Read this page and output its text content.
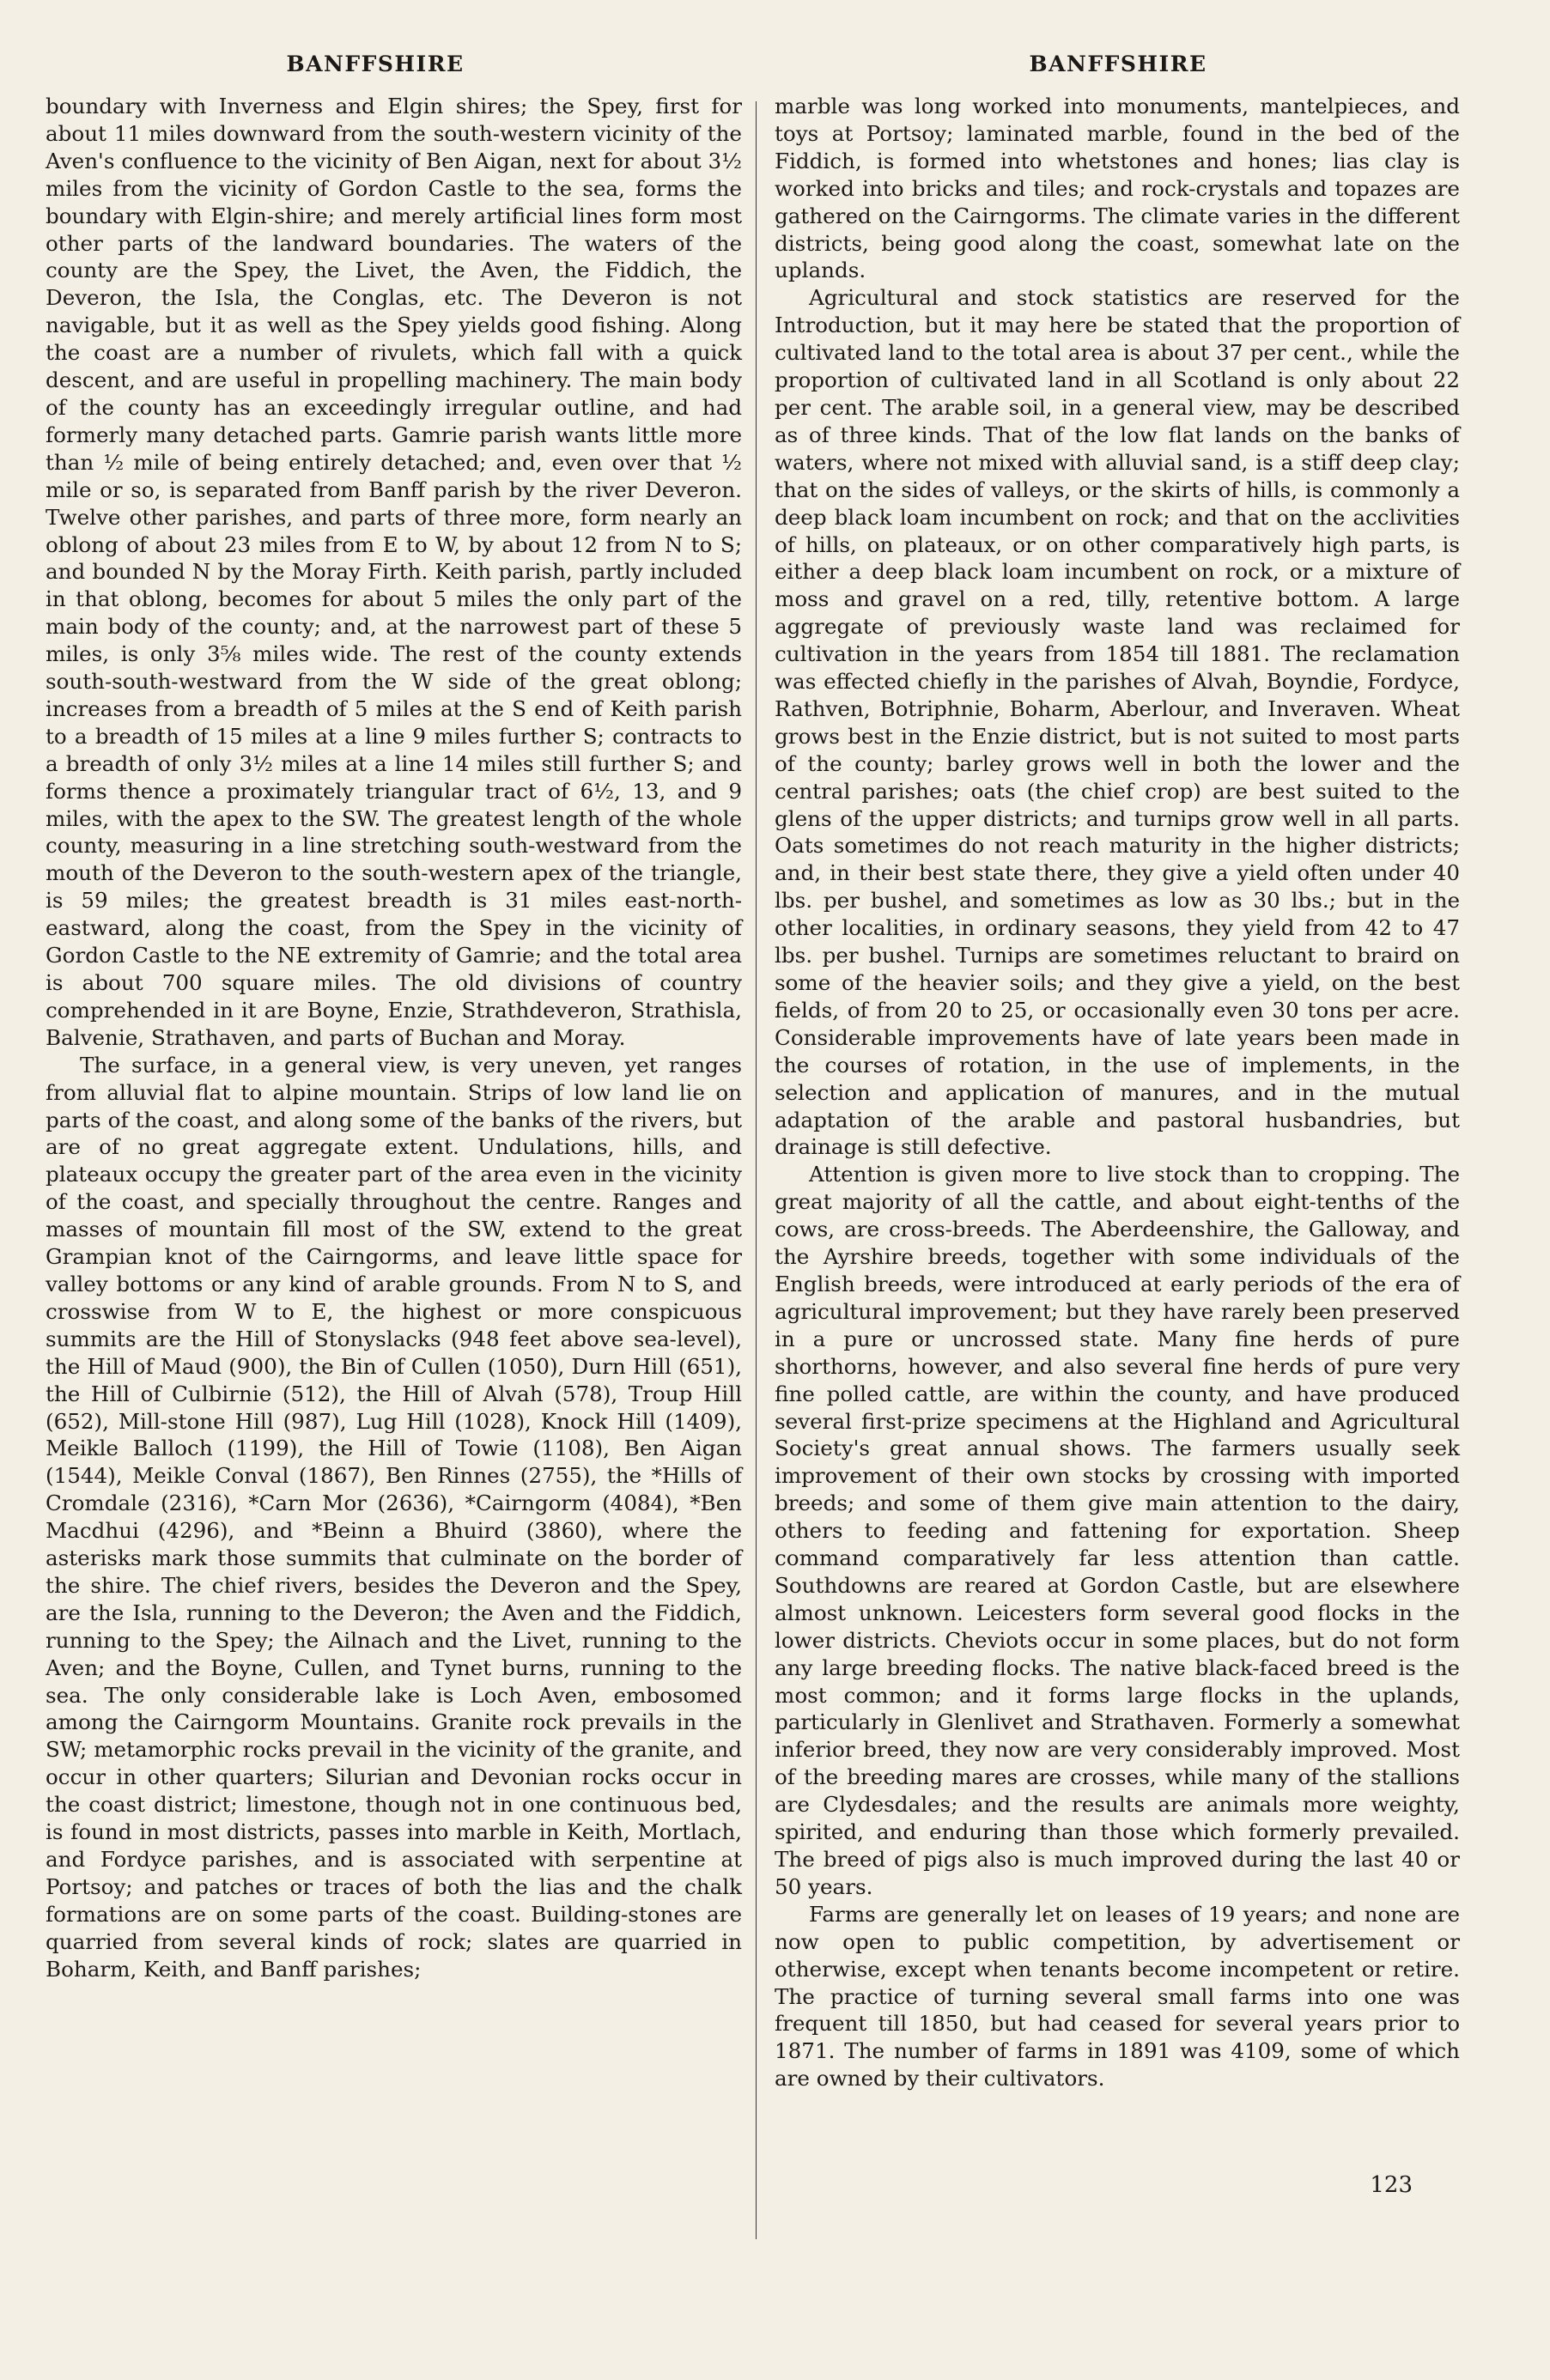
BANFFSHIRE	BANFFSHIRE

boundary with Inverness and Elgin shires; the Spey, first for about 11 miles downward from the south-western vicinity of the Aven's confluence to the vicinity of Ben Aigan, next for about 3½ miles from the vicinity of Gordon Castle to the sea, forms the boundary with Elgin-shire; and merely artificial lines form most other parts of the landward boundaries. The waters of the county are the Spey, the Livet, the Aven, the Fiddich, the Deveron, the Isla, the Conglas, etc. The Deveron is not navigable, but it as well as the Spey yields good fishing. Along the coast are a number of rivulets, which fall with a quick descent, and are useful in propelling machinery. The main body of the county has an exceedingly irregular outline, and had formerly many detached parts. Gamrie parish wants little more than ½ mile of being entirely detached; and, even over that ½ mile or so, is separated from Banff parish by the river Deveron. Twelve other parishes, and parts of three more, form nearly an oblong of about 23 miles from E to W, by about 12 from N to S; and bounded N by the Moray Firth. Keith parish, partly included in that oblong, becomes for about 5 miles the only part of the main body of the county; and, at the narrowest part of these 5 miles, is only 3⅝ miles wide. The rest of the county extends south-south-westward from the W side of the great oblong; increases from a breadth of 5 miles at the S end of Keith parish to a breadth of 15 miles at a line 9 miles further S; contracts to a breadth of only 3½ miles at a line 14 miles still further S; and forms thence a proximately triangular tract of 6½, 13, and 9 miles, with the apex to the SW. The greatest length of the whole county, measuring in a line stretching south-westward from the mouth of the Deveron to the south-western apex of the triangle, is 59 miles; the greatest breadth is 31 miles east-north-eastward, along the coast, from the Spey in the vicinity of Gordon Castle to the NE extremity of Gamrie; and the total area is about 700 square miles. The old divisions of country comprehended in it are Boyne, Enzie, Strathdeveron, Strathisla, Balvenie, Strathaven, and parts of Buchan and Moray.

The surface, in a general view, is very uneven, yet ranges from alluvial flat to alpine mountain. Strips of low land lie on parts of the coast, and along some of the banks of the rivers, but are of no great aggregate extent. Undulations, hills, and plateaux occupy the greater part of the area even in the vicinity of the coast, and specially throughout the centre. Ranges and masses of mountain fill most of the SW, extend to the great Grampian knot of the Cairngorms, and leave little space for valley bottoms or any kind of arable grounds. From N to S, and crosswise from W to E, the highest or more conspicuous summits are the Hill of Stonyslacks (948 feet above sea-level), the Hill of Maud (900), the Bin of Cullen (1050), Durn Hill (651), the Hill of Culbirnie (512), the Hill of Alvah (578), Troup Hill (652), Mill-stone Hill (987), Lug Hill (1028), Knock Hill (1409), Meikle Balloch (1199), the Hill of Towie (1108), Ben Aigan (1544), Meikle Conval (1867), Ben Rinnes (2755), the *Hills of Cromdale (2316), *Carn Mor (2636), *Cairngorm (4084), *Ben Macdhui (4296), and *Beinn a Bhuird (3860), where the asterisks mark those summits that culminate on the border of the shire. The chief rivers, besides the Deveron and the Spey, are the Isla, running to the Deveron; the Aven and the Fiddich, running to the Spey; the Ailnach and the Livet, running to the Aven; and the Boyne, Cullen, and Tynet burns, running to the sea. The only considerable lake is Loch Aven, embosomed among the Cairngorm Mountains. Granite rock prevails in the SW; metamorphic rocks prevail in the vicinity of the granite, and occur in other quarters; Silurian and Devonian rocks occur in the coast district; limestone, though not in one continuous bed, is found in most districts, passes into marble in Keith, Mortlach, and Fordyce parishes, and is associated with serpentine at Portsoy; and patches or traces of both the lias and the chalk formations are on some parts of the coast. Building-stones are quarried from several kinds of rock; slates are quarried in Boharm, Keith, and Banff parishes;

marble was long worked into monuments, mantelpieces, and toys at Portsoy; laminated marble, found in the bed of the Fiddich, is formed into whetstones and hones; lias clay is worked into bricks and tiles; and rock-crystals and topazes are gathered on the Cairngorms. The climate varies in the different districts, being good along the coast, somewhat late on the uplands.

Agricultural and stock statistics are reserved for the Introduction, but it may here be stated that the proportion of cultivated land to the total area is about 37 per cent., while the proportion of cultivated land in all Scotland is only about 22 per cent. The arable soil, in a general view, may be described as of three kinds. That of the low flat lands on the banks of waters, where not mixed with alluvial sand, is a stiff deep clay; that on the sides of valleys, or the skirts of hills, is commonly a deep black loam incumbent on rock; and that on the acclivities of hills, on plateaux, or on other comparatively high parts, is either a deep black loam incumbent on rock, or a mixture of moss and gravel on a red, tilly, retentive bottom. A large aggregate of previously waste land was reclaimed for cultivation in the years from 1854 till 1881. The reclamation was effected chiefly in the parishes of Alvah, Boyndie, Fordyce, Rathven, Botriphnie, Boharm, Aberlour, and Inveraven. Wheat grows best in the Enzie district, but is not suited to most parts of the county; barley grows well in both the lower and the central parishes; oats (the chief crop) are best suited to the glens of the upper districts; and turnips grow well in all parts. Oats sometimes do not reach maturity in the higher districts; and, in their best state there, they give a yield often under 40 lbs. per bushel, and sometimes as low as 30 lbs.; but in the other localities, in ordinary seasons, they yield from 42 to 47 lbs. per bushel. Turnips are sometimes reluctant to braird on some of the heavier soils; and they give a yield, on the best fields, of from 20 to 25, or occasionally even 30 tons per acre. Considerable improvements have of late years been made in the courses of rotation, in the use of implements, in the selection and application of manures, and in the mutual adaptation of the arable and pastoral husbandries, but drainage is still defective.

Attention is given more to live stock than to cropping. The great majority of all the cattle, and about eight-tenths of the cows, are cross-breeds. The Aberdeenshire, the Galloway, and the Ayrshire breeds, together with some individuals of the English breeds, were introduced at early periods of the era of agricultural improvement; but they have rarely been preserved in a pure or uncrossed state. Many fine herds of pure shorthorns, however, and also several fine herds of pure very fine polled cattle, are within the county, and have produced several first-prize specimens at the Highland and Agricultural Society's great annual shows. The farmers usually seek improvement of their own stocks by crossing with imported breeds; and some of them give main attention to the dairy, others to feeding and fattening for exportation. Sheep command comparatively far less attention than cattle. Southdowns are reared at Gordon Castle, but are elsewhere almost unknown. Leicesters form several good flocks in the lower districts. Cheviots occur in some places, but do not form any large breeding flocks. The native black-faced breed is the most common; and it forms large flocks in the uplands, particularly in Glenlivet and Strathaven. Formerly a somewhat inferior breed, they now are very considerably improved. Most of the breeding mares are crosses, while many of the stallions are Clydesdales; and the results are animals more weighty, spirited, and enduring than those which formerly prevailed. The breed of pigs also is much improved during the last 40 or 50 years.

Farms are generally let on leases of 19 years; and none are now open to public competition, by advertisement or otherwise, except when tenants become incompetent or retire. The practice of turning several small farms into one was frequent till 1850, but had ceased for several years prior to 1871. The number of farms in 1891 was 4109, some of which are owned by their cultivators.

123
